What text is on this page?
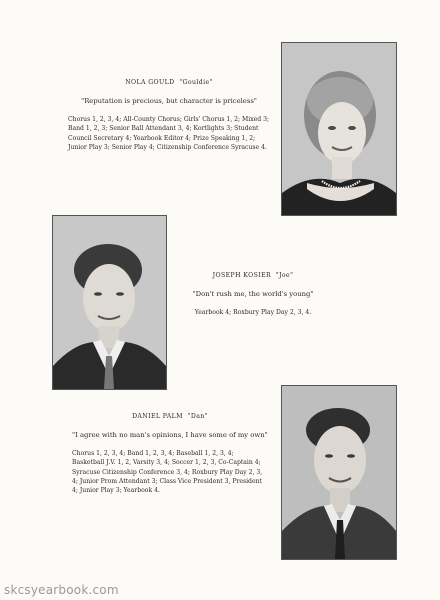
NOLA GOULD "Gouldie"
"Reputation is precious, but character is priceless"
Chorus 1, 2, 3, 4; All-County Chorus; Girls' Chorus 1, 2; Mixed 3; Band 1, 2, 3; Senior Ball Attendant 3, 4; Kortlights 3; Student Council Secretary 4; Yearbook Editor 4; Prize Speaking 1, 2; Junior Play 3; Senior Play 4; Citizenship Conference Syracuse 4.
JOSEPH KOSIER "Joe"
"Don't rush me, the world's young"
Yearbook 4; Roxbury Play Day 2, 3, 4.
DANIEL PALM "Dan"
"I agree with no man's opinions, I have some of my own"
Chorus 1, 2, 3, 4; Band 1, 2, 3, 4; Baseball 1, 2, 3, 4; Basketball J.V. 1, 2, Varsity 3, 4; Soccer 1, 2, 3, Co-Captain 4; Syracuse Citizenship Conference 3, 4; Roxbury Play Day 2, 3, 4; Junior Prom Attendant 3; Class Vice President 3, President 4; Junior Play 3; Yearbook 4.
skcsyearbook.com
